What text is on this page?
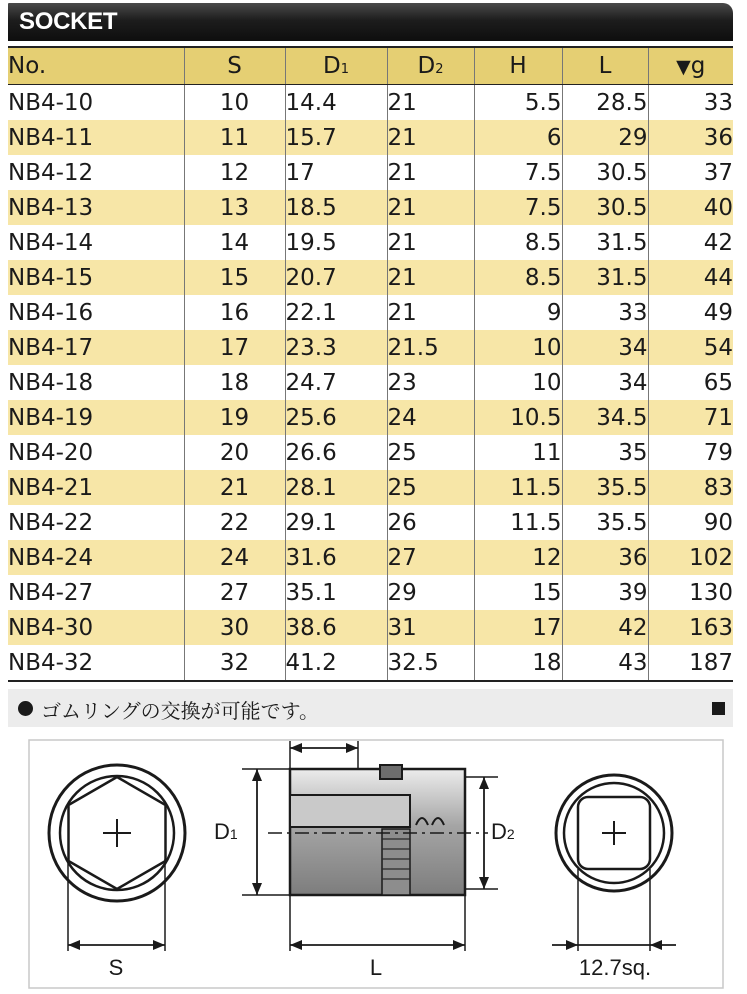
SOCKET
No.	S	D1	D2	H	L	▼g
NB4-10	10	14.4	21	5.5	28.5	33
NB4-11	11	15.7	21	6	29	36
NB4-12	12	17	21	7.5	30.5	37
NB4-13	13	18.5	21	7.5	30.5	40
NB4-14	14	19.5	21	8.5	31.5	42
NB4-15	15	20.7	21	8.5	31.5	44
NB4-16	16	22.1	21	9	33	49
NB4-17	17	23.3	21.5	10	34	54
NB4-18	18	24.7	23	10	34	65
NB4-19	19	25.6	24	10.5	34.5	71
NB4-20	20	26.6	25	11	35	79
NB4-21	21	28.1	25	11.5	35.5	83
NB4-22	22	29.1	26	11.5	35.5	90
NB4-24	24	31.6	27	12	36	102
NB4-27	27	35.1	29	15	39	130
NB4-30	30	38.6	31	17	42	163
NB4-32	32	41.2	32.5	18	43	187
ゴムリングの交換が可能です。
S
D1	D2
L	12.7sq.
